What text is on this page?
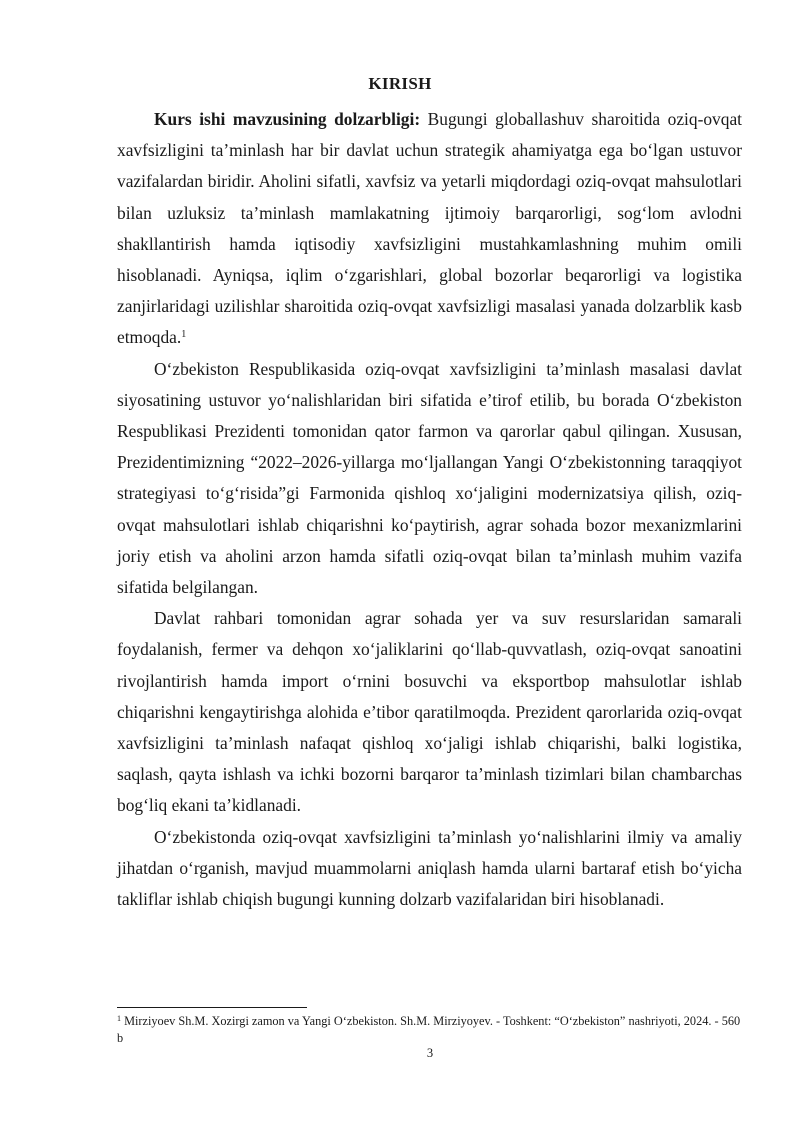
KIRISH

Kurs ishi mavzusining dolzarbligi: Bugungi globallashuv sharoitida oziq-ovqat xavfsizligini ta’minlash har bir davlat uchun strategik ahamiyatga ega bo‘lgan ustuvor vazifalardan biridir. Aholini sifatli, xavfsiz va yetarli miqdordagi oziq-ovqat mahsulotlari bilan uzluksiz ta’minlash mamlakatning ijtimoiy barqarorligi, sog‘lom avlodni shakllantirish hamda iqtisodiy xavfsizligini mustahkamlashning muhim omili hisoblanadi. Ayniqsa, iqlim o‘zgarishlari, global bozorlar beqarorligi va logistika zanjirlaridagi uzilishlar sharoitida oziq-ovqat xavfsizligi masalasi yanada dolzarblik kasb etmoqda.$^1$

O‘zbekiston Respublikasida oziq-ovqat xavfsizligini ta’minlash masalasi davlat siyosatining ustuvor yo‘nalishlaridan biri sifatida e’tirof etilib, bu borada O‘zbekiston Respublikasi Prezidenti tomonidan qator farmon va qarorlar qabul qilingan. Xususan, Prezidentimizning “2022–2026-yillarga mo‘ljallangan Yangi O‘zbekistonning taraqqiyot strategiyasi to‘g‘risida”gi Farmonida qishloq xo‘jaligini modernizatsiya qilish, oziq-ovqat mahsulotlari ishlab chiqarishni ko‘paytirish, agrar sohada bozor mexanizmlarini joriy etish va aholini arzon hamda sifatli oziq-ovqat bilan ta’minlash muhim vazifa sifatida belgilangan.

Davlat rahbari tomonidan agrar sohada yer va suv resurslaridan samarali foydalanish, fermer va dehqon xo‘jaliklarini qo‘llab-quvvatlash, oziq-ovqat sanoatini rivojlantirish hamda import o‘rnini bosuvchi va eksportbop mahsulotlar ishlab chiqarishni kengaytirishga alohida e’tibor qaratilmoqda. Prezident qarorlarida oziq-ovqat xavfsizligini ta’minlash nafaqat qishloq xo‘jaligi ishlab chiqarishi, balki logistika, saqlash, qayta ishlash va ichki bozorni barqaror ta’minlash tizimlari bilan chambarchas bog‘liq ekani ta’kidlanadi.

O‘zbekistonda oziq-ovqat xavfsizligini ta’minlash yo‘nalishlarini ilmiy va amaliy jihatdan o‘rganish, mavjud muammolarni aniqlash hamda ularni bartaraf etish bo‘yicha takliflar ishlab chiqish bugungi kunning dolzarb vazifalaridan biri hisoblanadi.

$^1$ Mirziyoev Sh.M. Xozirgi zamon va Yangi O‘zbekiston. Sh.M. Mirziyoyev. - Toshkent: “O‘zbekiston” nashriyoti, 2024. - 560 b
3
